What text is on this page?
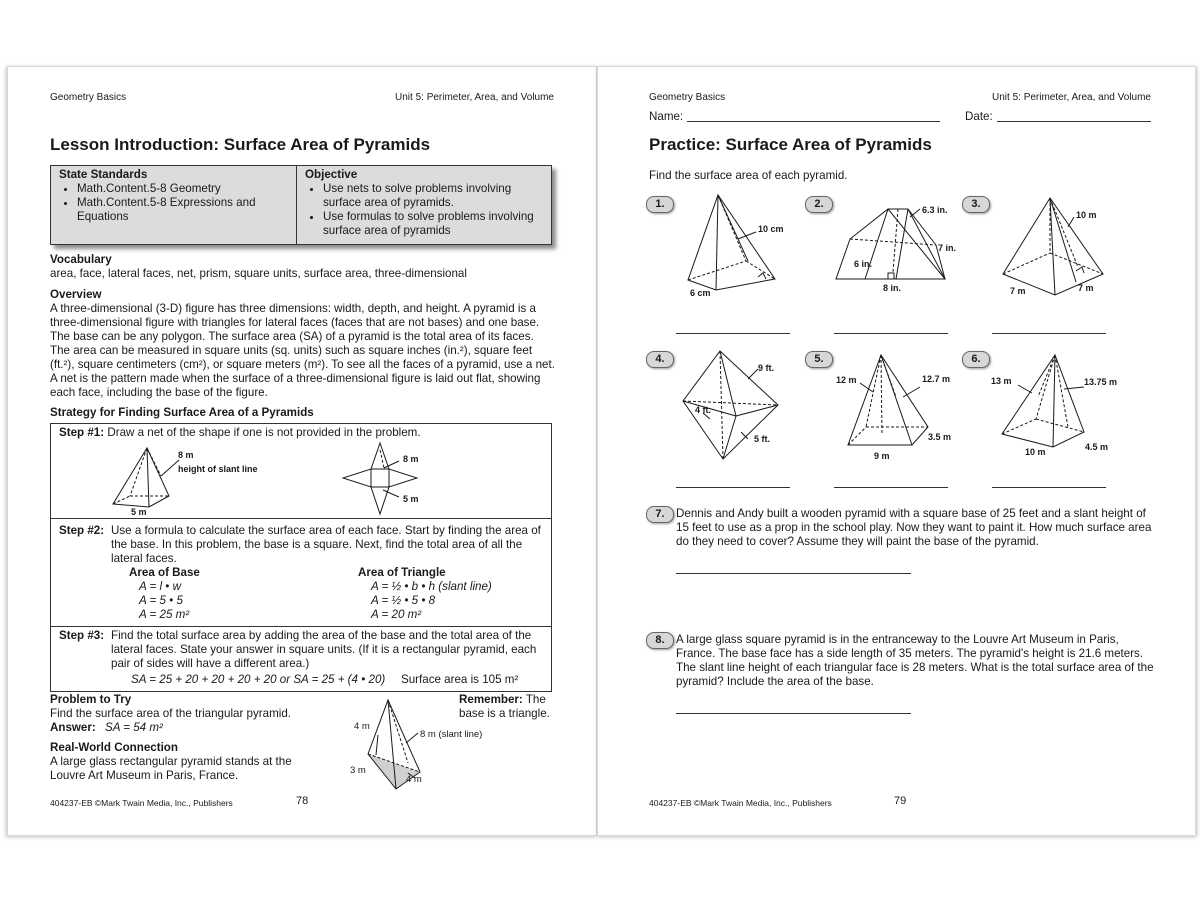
Geometry Basics	Unit 5: Perimeter, Area, and Volume
Lesson Introduction: Surface Area of Pyramids
State Standards
• Math.Content.5-8 Geometry
• Math.Content.5-8 Expressions and Equations
Objective
• Use nets to solve problems involving surface area of pyramids.
• Use formulas to solve problems involving surface area of pyramids
Vocabulary
area, face, lateral faces, net, prism, square units, surface area, three-dimensional
Overview

A three-dimensional (3-D) figure has three dimensions: width, depth, and height. A pyramid is a

three-dimensional figure with triangles for lateral faces (faces that are not bases) and one base.

The base can be any polygon. The surface area (SA) of a pyramid is the total area of its faces.

The area can be measured in square units (sq. units) such as square inches (in.²), square feet

(ft.²), square centimeters (cm²), or square meters (m²). To see all the faces of a pyramid, use a net.

A net is the pattern made when the surface of a three-dimensional figure is laid out flat, showing

each face, including the base of the figure.

Strategy for Finding Surface Area of a Pyramids
Step #1: Draw a net of the shape if one is not provided in the problem.
8 m
height of slant line
5 m
8 m
5 m
Step #2: Use a formula to calculate the surface area of each face. Start by finding the area of

the base. In this problem, the base is a square. Next, find the total area of all the

lateral faces.

Area of Base

A = l • w

A = 5 • 5

A = 25 m²

Area of Triangle

A = ½ • b • h (slant line)

A = ½ • 5 • 8

A = 20 m²

Step #3: Find the total surface area by adding the area of the base and the total area of the

lateral faces. State your answer in square units. (If it is a rectangular pyramid, each

pair of sides will have a different area.)

SA = 25 + 20 + 20 + 20 + 20 or SA = 25 + (4 • 20) Surface area is 105 m²
Problem to Try
Find the surface area of the triangular pyramid.
Answer: SA = 54 m²
Remember: The base is a triangle.
4 m
8 m (slant line)
3 m
4 m
Real-World Connection

A large glass rectangular pyramid stands at the

Louvre Art Museum in Paris, France.

404237-EB ©Mark Twain Media, Inc., Publishers	78
Geometry Basics	Unit 5: Perimeter, Area, and Volume
Name:	Date:
Practice: Surface Area of Pyramids
Find the surface area of each pyramid.
1.	2.	3.
4.	5.	6.
10 cm
6 cm
6.3 in.
7 in.
6 in.
8 in.
10 m
7 m	7 m
9 ft.
4 ft.
5 ft.
12 m	12.7 m
3.5 m
9 m
13 m	13.75 m
4.5 m
10 m
7. Dennis and Andy built a wooden pyramid with a square base of 25 feet and a slant height of

15 feet to use as a prop in the school play. Now they want to paint it. How much surface area

do they need to cover? Assume they will paint the base of the pyramid.

8. A large glass square pyramid is in the entranceway to the Louvre Art Museum in Paris,

France. The base face has a side length of 35 meters. The pyramid's height is 21.6 meters.

The slant line height of each triangular face is 28 meters. What is the total surface area of the

pyramid? Include the area of the base.

404237-EB ©Mark Twain Media, Inc., Publishers	79
